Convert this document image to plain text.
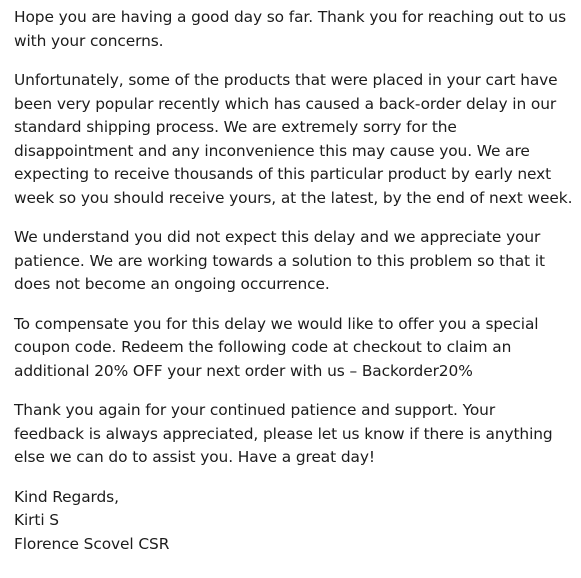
Hope you are having a good day so far. Thank you for reaching out to us
with your concerns.

Unfortunately, some of the products that were placed in your cart have
been very popular recently which has caused a back-order delay in our
standard shipping process. We are extremely sorry for the
disappointment and any inconvenience this may cause you. We are
expecting to receive thousands of this particular product by early next
week so you should receive yours, at the latest, by the end of next week.

We understand you did not expect this delay and we appreciate your
patience. We are working towards a solution to this problem so that it
does not become an ongoing occurrence.

To compensate you for this delay we would like to offer you a special
coupon code. Redeem the following code at checkout to claim an
additional 20% OFF your next order with us – Backorder20%

Thank you again for your continued patience and support. Your
feedback is always appreciated, please let us know if there is anything
else we can do to assist you. Have a great day!

Kind Regards,
Kirti S
Florence Scovel CSR
